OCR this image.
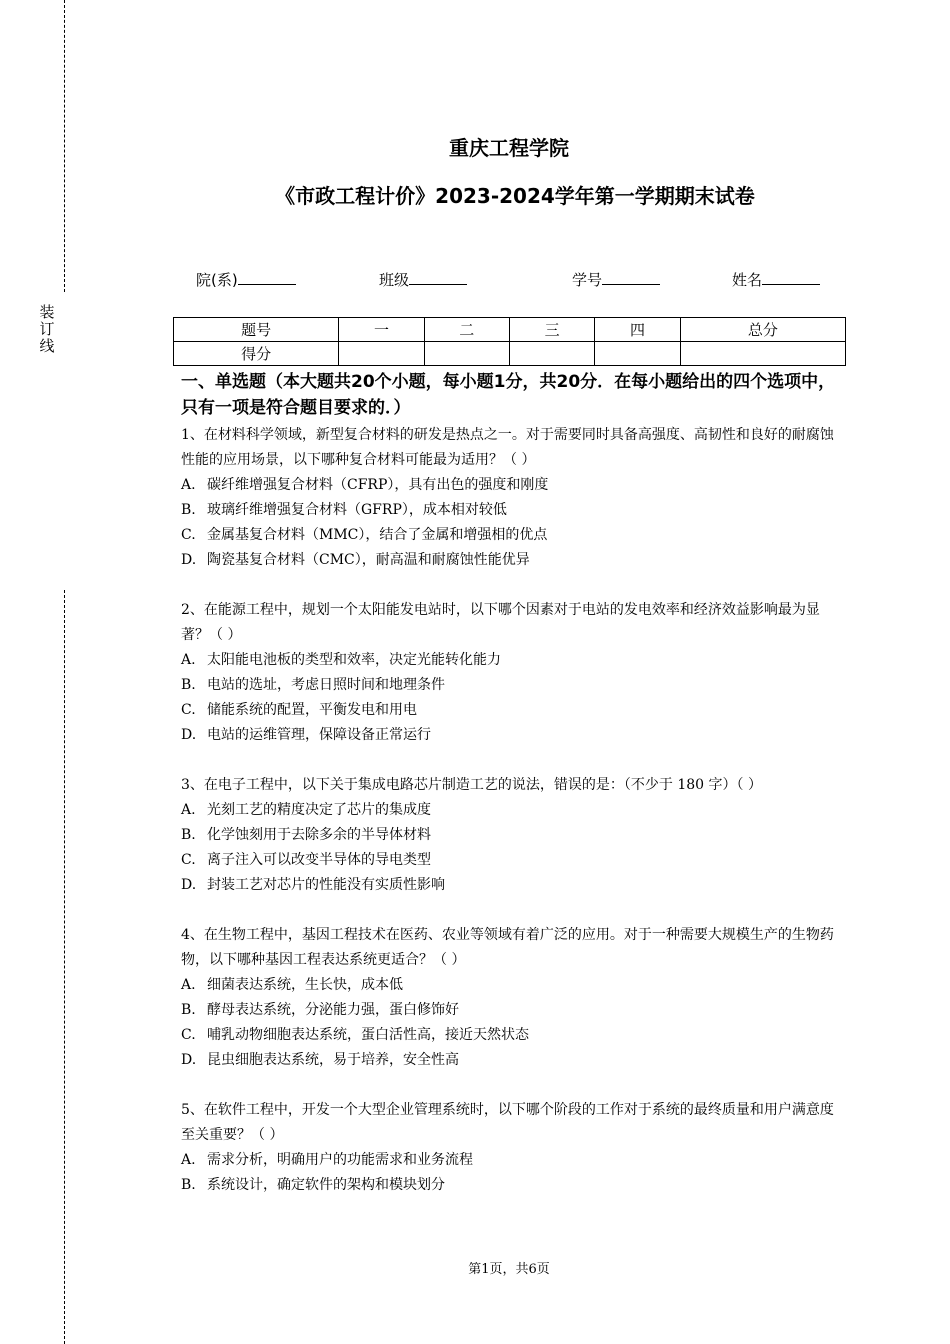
装订线
重庆工程学院
《市政工程计价》2023-2024学年第一学期期末试卷
院(系)	班级	学号	姓名
题号	一	二	三	四	总分
得分					

一、单选题（本大题共20个小题，每小题1分，共20分．在每小题给出的四个选项中，只有一项是符合题目要求的．）

1、在材料科学领域，新型复合材料的研发是热点之一。对于需要同时具备高强度、高韧性和良好的耐腐蚀性能的应用场景，以下哪种复合材料可能最为适用？（ ）

A. 碳纤维增强复合材料（CFRP），具有出色的强度和刚度

B. 玻璃纤维增强复合材料（GFRP），成本相对较低

C. 金属基复合材料（MMC），结合了金属和增强相的优点

D. 陶瓷基复合材料（CMC），耐高温和耐腐蚀性能优异

2、在能源工程中，规划一个太阳能发电站时，以下哪个因素对于电站的发电效率和经济效益影响最为显著？（ ）

A. 太阳能电池板的类型和效率，决定光能转化能力

B. 电站的选址，考虑日照时间和地理条件

C. 储能系统的配置，平衡发电和用电

D. 电站的运维管理，保障设备正常运行

3、在电子工程中，以下关于集成电路芯片制造工艺的说法，错误的是：（不少于 180 字）（ ）

A. 光刻工艺的精度决定了芯片的集成度

B. 化学蚀刻用于去除多余的半导体材料

C. 离子注入可以改变半导体的导电类型

D. 封装工艺对芯片的性能没有实质性影响

4、在生物工程中，基因工程技术在医药、农业等领域有着广泛的应用。对于一种需要大规模生产的生物药物，以下哪种基因工程表达系统更适合？（ ）

A. 细菌表达系统，生长快，成本低

B. 酵母表达系统，分泌能力强，蛋白修饰好

C. 哺乳动物细胞表达系统，蛋白活性高，接近天然状态

D. 昆虫细胞表达系统，易于培养，安全性高

5、在软件工程中，开发一个大型企业管理系统时，以下哪个阶段的工作对于系统的最终质量和用户满意度至关重要？（ ）

A. 需求分析，明确用户的功能需求和业务流程

B. 系统设计，确定软件的架构和模块划分

第1页，共6页
